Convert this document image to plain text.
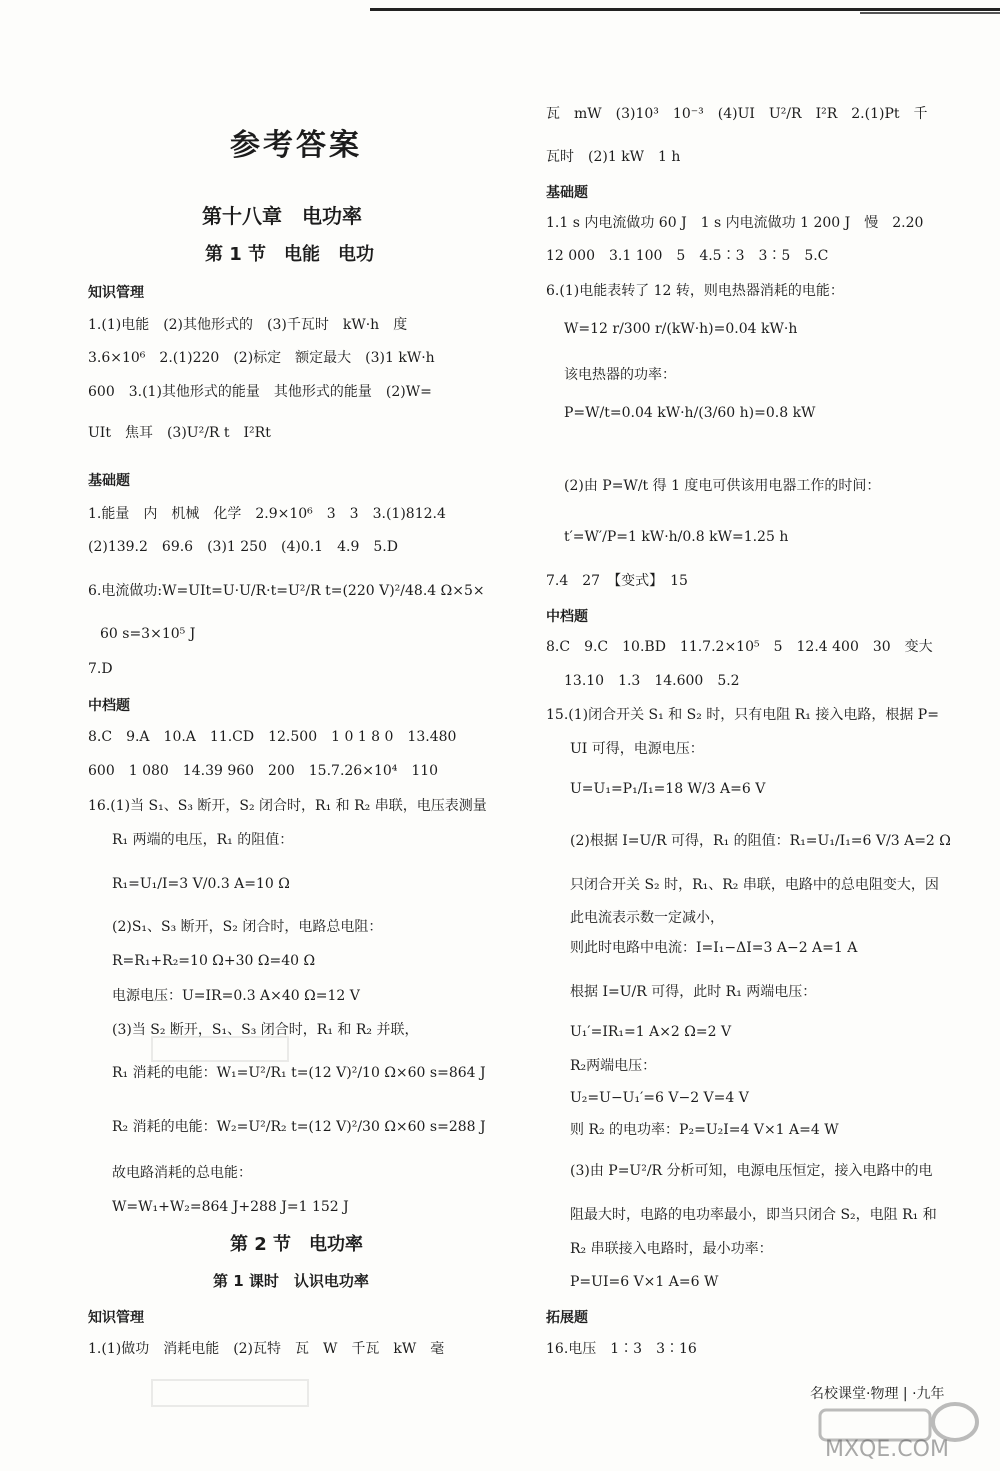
参考答案
第十八章　电功率
第 1 节　电能　电功
知识管理
1.(1)电能　(2)其他形式的　(3)千瓦时　kW·h　度
3.6×10⁶　2.(1)220　(2)标定　额定最大　(3)1 kW·h
600　3.(1)其他形式的能量　其他形式的能量　(2)W=
UIt　焦耳　(3)U²/R t　I²Rt
基础题
1.能量　内　机械　化学　2.9×10⁶　3　3　3.(1)812.4
(2)139.2　69.6　(3)1 250　(4)0.1　4.9　5.D
6.电流做功:W=UIt=U·U/R·t=U²/R t=(220 V)²/48.4 Ω×5×
60 s=3×10⁵ J
7.D
中档题
8.C　9.A　10.A　11.CD　12.500　1 0 1 8 0　13.480
600　1 080　14.39 960　200　15.7.26×10⁴　110
16.(1)当 S₁、S₃ 断开，S₂ 闭合时，R₁ 和 R₂ 串联，电压表测量
R₁ 两端的电压，R₁ 的阻值：
R₁=U₁/I=3 V/0.3 A=10 Ω
(2)S₁、S₃ 断开，S₂ 闭合时，电路总电阻：
R=R₁+R₂=10 Ω+30 Ω=40 Ω
电源电压：U=IR=0.3 A×40 Ω=12 V
(3)当 S₂ 断开，S₁、S₃ 闭合时，R₁ 和 R₂ 并联，
R₁ 消耗的电能：W₁=U²/R₁ t=(12 V)²/10 Ω×60 s=864 J
R₂ 消耗的电能：W₂=U²/R₂ t=(12 V)²/30 Ω×60 s=288 J
故电路消耗的总电能：
W=W₁+W₂=864 J+288 J=1 152 J
第 2 节　电功率
第 1 课时　认识电功率
知识管理
1.(1)做功　消耗电能　(2)瓦特　瓦　W　千瓦　kW　毫
瓦　mW　(3)10³　10⁻³　(4)UI　U²/R　I²R　2.(1)Pt　千
瓦时　(2)1 kW　1 h
基础题
1.1 s 内电流做功 60 J　1 s 内电流做功 1 200 J　慢　2.20
12 000　3.1 100　5　4.5∶3　3∶5　5.C
6.(1)电能表转了 12 转，则电热器消耗的电能：
W=12 r/300 r/(kW·h)=0.04 kW·h
该电热器的功率：
P=W/t=0.04 kW·h/(3/60 h)=0.8 kW
(2)由 P=W/t 得 1 度电可供该用电器工作的时间：
t′=W′/P=1 kW·h/0.8 kW=1.25 h
7.4　27　【变式】　15
中档题
8.C　9.C　10.BD　11.7.2×10⁵　5　12.4 400　30　变大
13.10　1.3　14.600　5.2
15.(1)闭合开关 S₁ 和 S₂ 时，只有电阻 R₁ 接入电路，根据 P=
UI 可得，电源电压：
U=U₁=P₁/I₁=18 W/3 A=6 V
(2)根据 I=U/R 可得，R₁ 的阻值：R₁=U₁/I₁=6 V/3 A=2 Ω
只闭合开关 S₂ 时，R₁、R₂ 串联，电路中的总电阻变大，因
此电流表示数一定减小，
则此时电路中电流：I=I₁−ΔI=3 A−2 A=1 A
根据 I=U/R 可得，此时 R₁ 两端电压：
U₁′=IR₁=1 A×2 Ω=2 V
R₂两端电压：
U₂=U−U₁′=6 V−2 V=4 V
则 R₂ 的电功率：P₂=U₂I=4 V×1 A=4 W
(3)由 P=U²/R 分析可知，电源电压恒定，接入电路中的电
阻最大时，电路的电功率最小，即当只闭合 S₂，电阻 R₁ 和
R₂ 串联接入电路时，最小功率：
P=UI=6 V×1 A=6 W
拓展题
16.电压　1∶3　3∶16
名校课堂·物理 | ·九年
MXQE.COM
